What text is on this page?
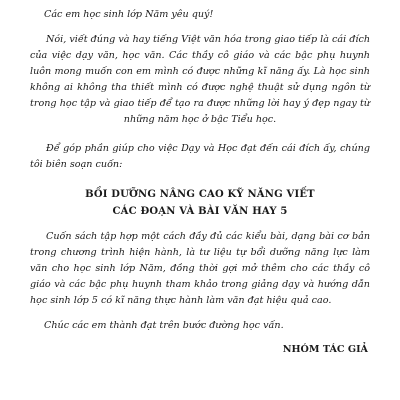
Các em học sinh lớp Năm yêu quý!

Nói, viết đúng và hay tiếng Việt văn hóa trong giao tiếp là cái đích của việc dạy văn, học văn. Các thầy cô giáo và các bậc phụ huynh luôn mong muốn con em mình có được những kĩ năng ấy. Là học sinh không ai không tha thiết mình có được nghệ thuật sử dụng ngôn từ trong học tập và giao tiếp để tạo ra được những lời hay ý đẹp ngay từ những năm học ở bậc Tiểu học.

Để góp phần giúp cho việc Dạy và Học đạt đến cái đích ấy, chúng tôi biên soạn cuốn:

BỒI DƯỠNG NÂNG CAO KỸ NĂNG VIẾT
CÁC ĐOẠN VÀ BÀI VĂN HAY 5

Cuốn sách tập hợp một cách đầy đủ các kiểu bài, dạng bài cơ bản trong chương trình hiện hành, là tư liệu tự bổi dưỡng năng lực làm văn cho học sinh lớp Năm, đồng thời gợi mở thêm cho các thầy cô giáo và các bậc phụ huynh tham khảo trong giảng dạy và hướng dẫn học sinh lớp 5 có kĩ năng thực hành làm văn đạt hiệu quả cao.

Chúc các em thành đạt trên bước đường học vấn.

NHÓM TÁC GIẢ
